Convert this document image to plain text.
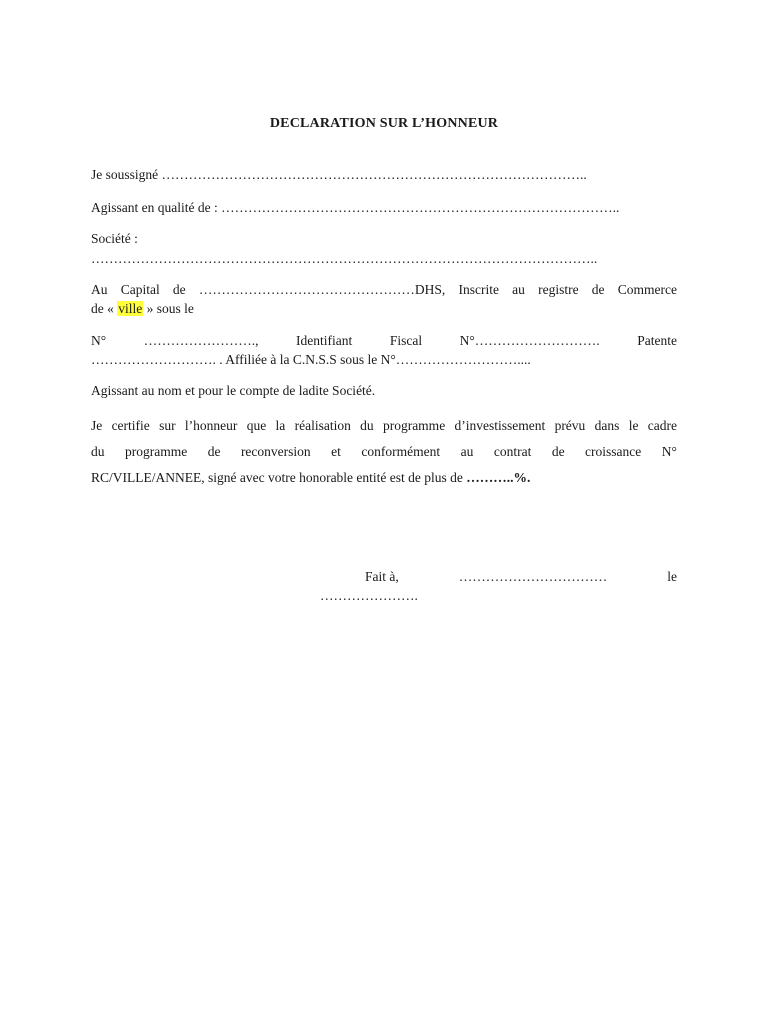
DECLARATION SUR L’HONNEUR
Je soussigné …………………………………………………………………………………..
Agissant en qualité de : ……………………………………………………………………………..
Société :
…………………………………………………………………………………………………..
Au Capital de …………………………………………DHS, Inscrite au registre de Commerce
de « ville » sous le
N°	…………………….,	Identifiant	Fiscal	N°……………………….	Patente
………………………. . Affiliée à la C.N.S.S sous le N°………………………....
Agissant au nom et pour le compte de ladite Société.
Je certifie sur l’honneur que la réalisation du programme d’investissement prévu dans le cadre
du programme de reconversion et conformément au contrat de croissance N°
RC/VILLE/ANNEE, signé avec votre honorable entité est de plus de ………..%.
Fait à,	……………………………	le
………………….
